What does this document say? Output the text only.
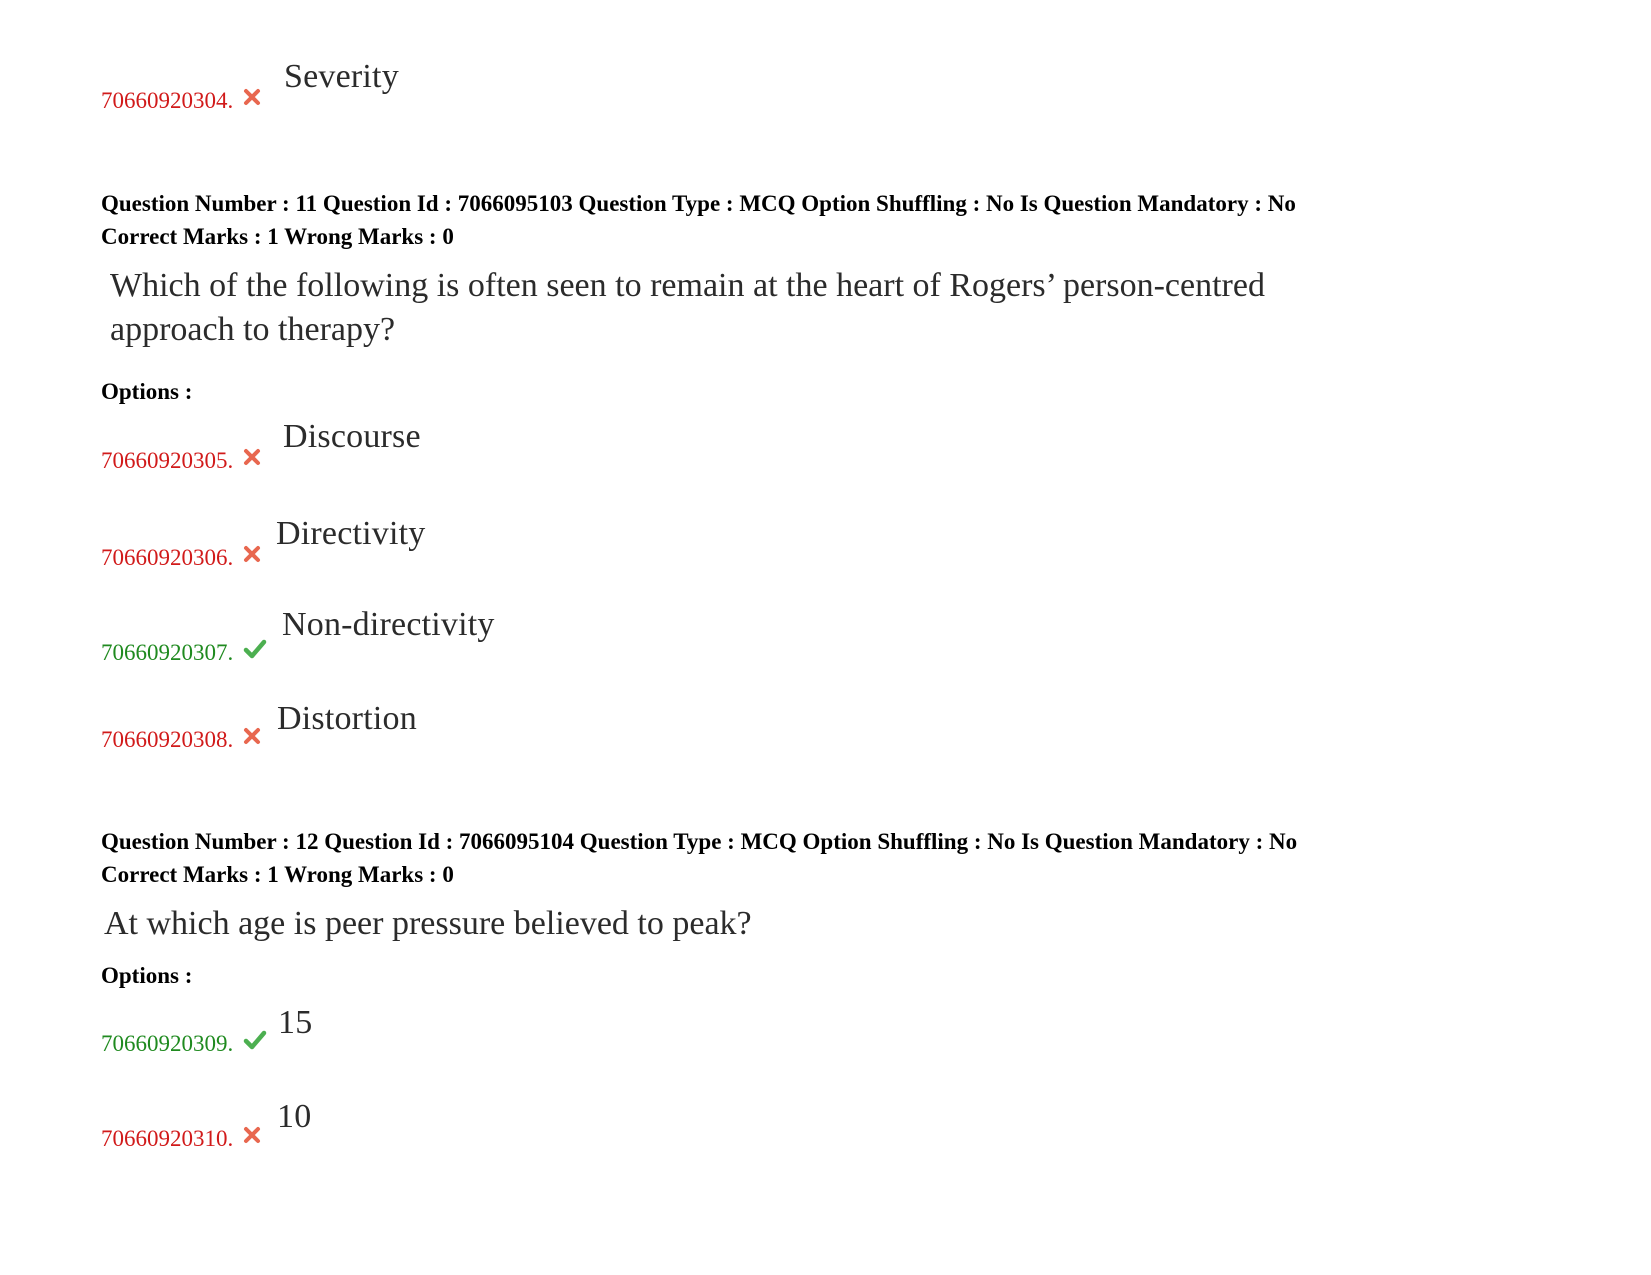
70660920304.
Severity
Question Number : 11 Question Id : 7066095103 Question Type : MCQ Option Shuffling : No Is Question Mandatory : No
Correct Marks : 1 Wrong Marks : 0
Which of the following is often seen to remain at the heart of Rogers’ person-centred
approach to therapy?
Options :
70660920305.
Discourse
70660920306.
Directivity
70660920307.
Non-directivity
70660920308.
Distortion
Question Number : 12 Question Id : 7066095104 Question Type : MCQ Option Shuffling : No Is Question Mandatory : No
Correct Marks : 1 Wrong Marks : 0
At which age is peer pressure believed to peak?
Options :
70660920309.
15
70660920310.
10
